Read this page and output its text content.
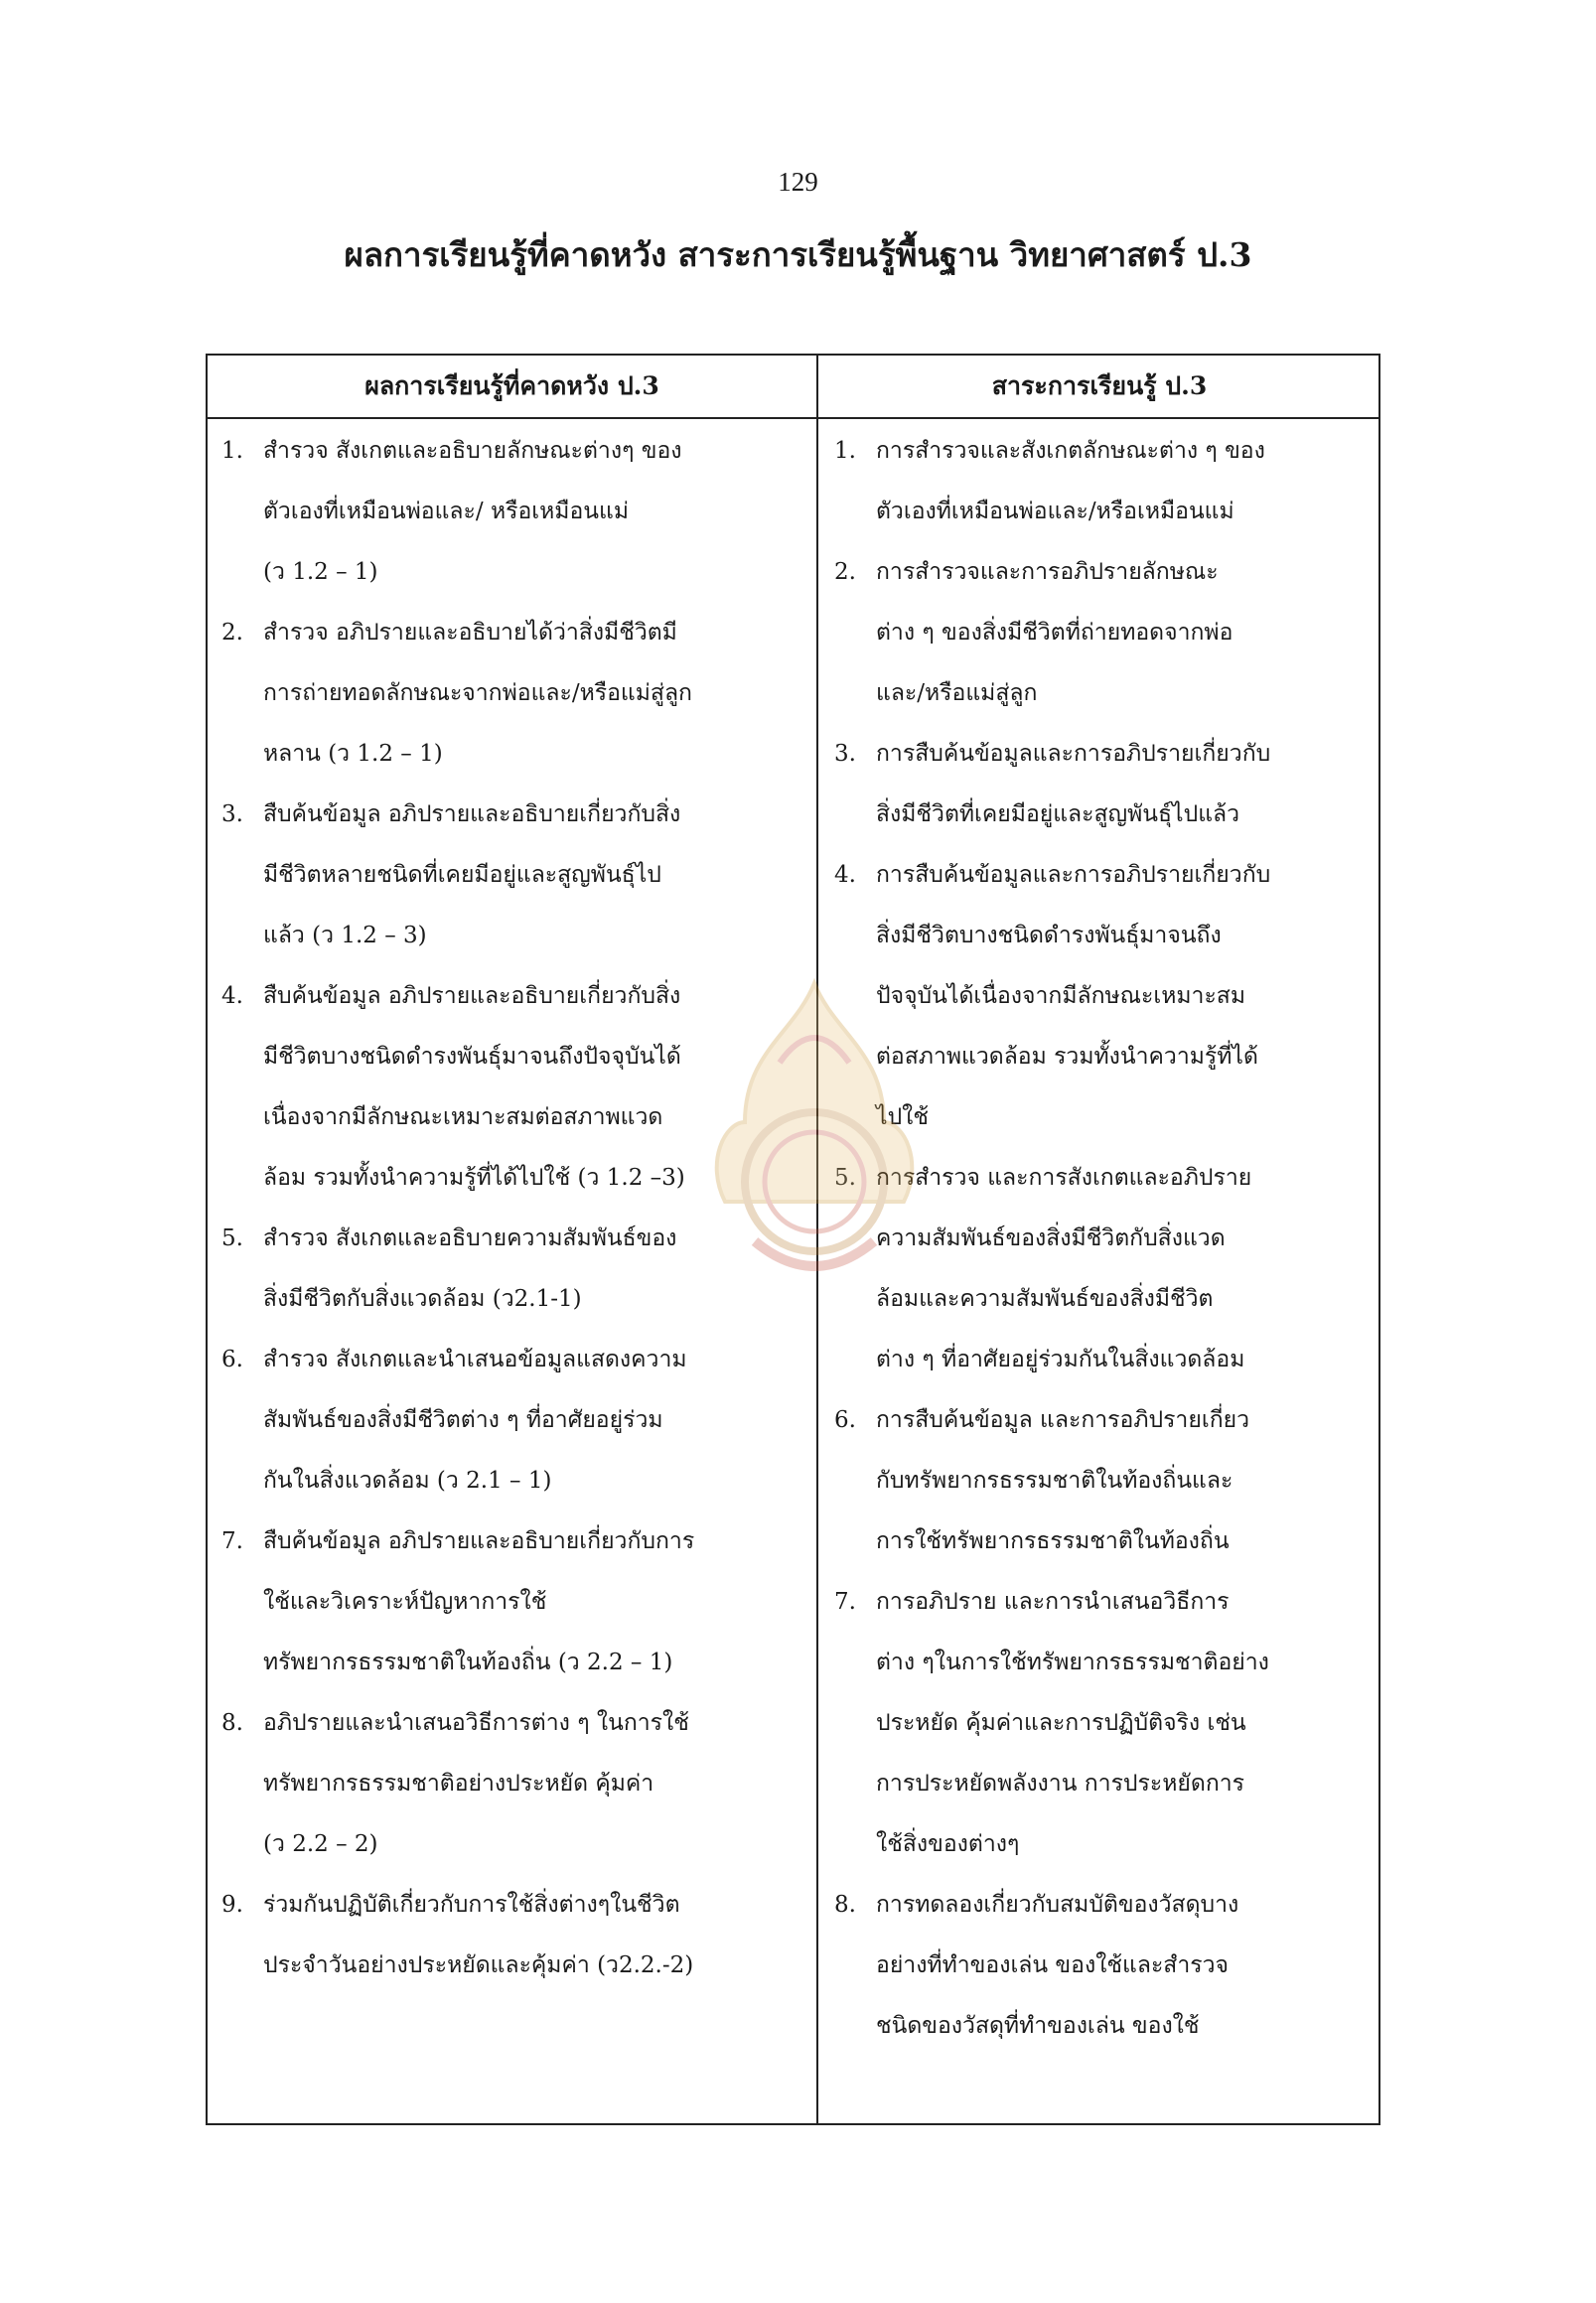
129
ผลการเรียนรู้ที่คาดหวัง สาระการเรียนรู้พื้นฐาน วิทยาศาสตร์ ป.3
ผลการเรียนรู้ที่คาดหวัง ป.3	สาระการเรียนรู้ ป.3
1. สำรวจ สังเกตและอธิบายลักษณะต่างๆ ของ
ตัวเองที่เหมือนพ่อและ/ หรือเหมือนแม่
(ว 1.2 – 1)
2. สำรวจ อภิปรายและอธิบายได้ว่าสิ่งมีชีวิตมี
การถ่ายทอดลักษณะจากพ่อและ/หรือแม่สู่ลูก
หลาน (ว 1.2 – 1)
3. สืบค้นข้อมูล อภิปรายและอธิบายเกี่ยวกับสิ่ง
มีชีวิตหลายชนิดที่เคยมีอยู่และสูญพันธุ์ไป
แล้ว (ว 1.2 – 3)
4. สืบค้นข้อมูล อภิปรายและอธิบายเกี่ยวกับสิ่ง
มีชีวิตบางชนิดดำรงพันธุ์มาจนถึงปัจจุบันได้
เนื่องจากมีลักษณะเหมาะสมต่อสภาพแวด
ล้อม รวมทั้งนำความรู้ที่ได้ไปใช้ (ว 1.2 –3)
5. สำรวจ สังเกตและอธิบายความสัมพันธ์ของ
สิ่งมีชีวิตกับสิ่งแวดล้อม (ว2.1-1)
6. สำรวจ สังเกตและนำเสนอข้อมูลแสดงความ
สัมพันธ์ของสิ่งมีชีวิตต่าง ๆ ที่อาศัยอยู่ร่วม
กันในสิ่งแวดล้อม (ว 2.1 – 1)
7. สืบค้นข้อมูล อภิปรายและอธิบายเกี่ยวกับการ
ใช้และวิเคราะห์ปัญหาการใช้
ทรัพยากรธรรมชาติในท้องถิ่น (ว 2.2 – 1)
8. อภิปรายและนำเสนอวิธีการต่าง ๆ ในการใช้
ทรัพยากรธรรมชาติอย่างประหยัด คุ้มค่า
(ว 2.2 – 2)
9. ร่วมกันปฏิบัติเกี่ยวกับการใช้สิ่งต่างๆในชีวิต
ประจำวันอย่างประหยัดและคุ้มค่า (ว2.2.-2)
1. การสำรวจและสังเกตลักษณะต่าง ๆ ของ
ตัวเองที่เหมือนพ่อและ/หรือเหมือนแม่
2. การสำรวจและการอภิปรายลักษณะ
ต่าง ๆ ของสิ่งมีชีวิตที่ถ่ายทอดจากพ่อ
และ/หรือแม่สู่ลูก
3. การสืบค้นข้อมูลและการอภิปรายเกี่ยวกับ
สิ่งมีชีวิตที่เคยมีอยู่และสูญพันธุ์ไปแล้ว
4. การสืบค้นข้อมูลและการอภิปรายเกี่ยวกับ
สิ่งมีชีวิตบางชนิดดำรงพันธุ์มาจนถึง
ปัจจุบันได้เนื่องจากมีลักษณะเหมาะสม
ต่อสภาพแวดล้อม รวมทั้งนำความรู้ที่ได้
ไปใช้
5. การสำรวจ และการสังเกตและอภิปราย
ความสัมพันธ์ของสิ่งมีชีวิตกับสิ่งแวด
ล้อมและความสัมพันธ์ของสิ่งมีชีวิต
ต่าง ๆ ที่อาศัยอยู่ร่วมกันในสิ่งแวดล้อม
6. การสืบค้นข้อมูล และการอภิปรายเกี่ยว
กับทรัพยากรธรรมชาติในท้องถิ่นและ
การใช้ทรัพยากรธรรมชาติในท้องถิ่น
7. การอภิปราย และการนำเสนอวิธีการ
ต่าง ๆในการใช้ทรัพยากรธรรมชาติอย่าง
ประหยัด คุ้มค่าและการปฏิบัติจริง เช่น
การประหยัดพลังงาน การประหยัดการ
ใช้สิ่งของต่างๆ
8. การทดลองเกี่ยวกับสมบัติของวัสดุบาง
อย่างที่ทำของเล่น ของใช้และสำรวจ
ชนิดของวัสดุที่ทำของเล่น ของใช้
